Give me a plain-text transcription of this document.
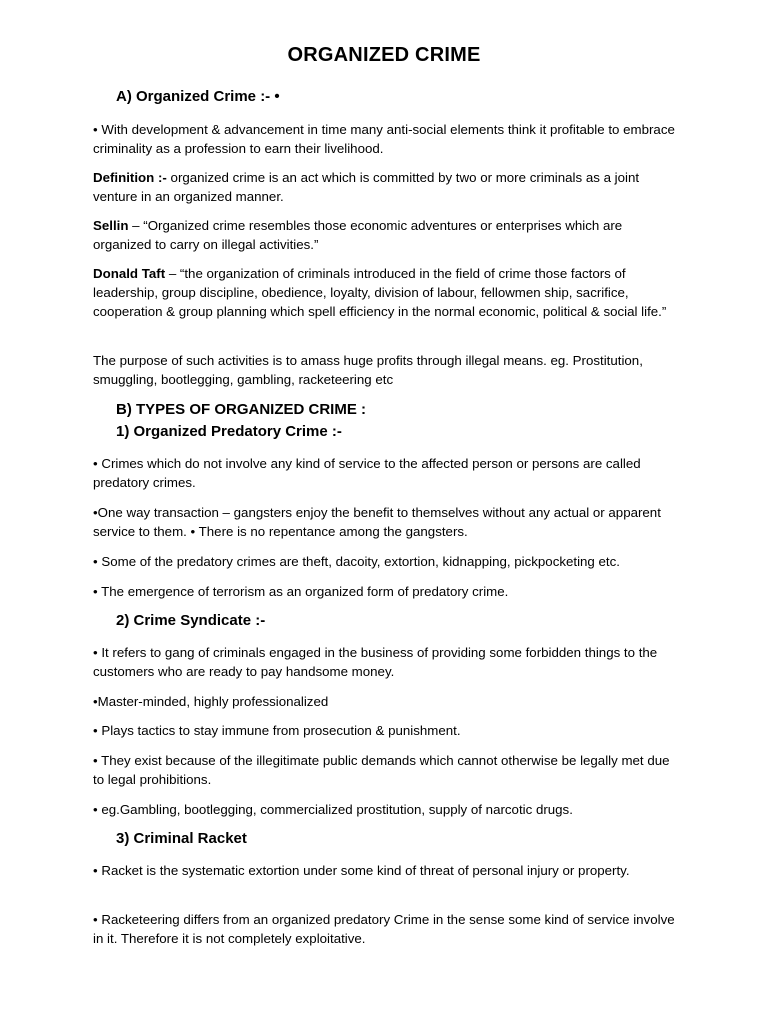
ORGANIZED CRIME
A) Organized Crime :- •
• With development & advancement in time many anti-social elements think it profitable to embrace criminality as a profession to earn their livelihood.
Definition :- organized crime is an act which is committed by two or more criminals as a joint venture in an organized manner.
Sellin – “Organized crime resembles those economic adventures or enterprises which are organized to carry on illegal activities.”
Donald Taft – “the organization of criminals introduced in the field of crime those factors of leadership, group discipline, obedience, loyalty, division of labour, fellowmen ship, sacrifice, cooperation & group planning which spell efficiency in the normal economic, political & social life.”
The purpose of such activities is to amass huge profits through illegal means. eg. Prostitution, smuggling, bootlegging, gambling, racketeering etc
B) TYPES OF ORGANIZED CRIME :
1) Organized Predatory Crime :-
• Crimes which do not involve any kind of service to the affected person or persons are called predatory crimes.
•One way transaction – gangsters enjoy the benefit to themselves without any actual or apparent service to them. • There is no repentance among the gangsters.
• Some of the predatory crimes are theft, dacoity, extortion, kidnapping, pickpocketing etc.
• The emergence of terrorism as an organized form of predatory crime.
2) Crime Syndicate :-
• It refers to gang of criminals engaged in the business of providing some forbidden things to the customers who are ready to pay handsome money.
•Master-minded, highly professionalized
• Plays tactics to stay immune from prosecution & punishment.
• They exist because of the illegitimate public demands which cannot otherwise be legally met due to legal prohibitions.
• eg.Gambling, bootlegging, commercialized prostitution, supply of narcotic drugs.
3) Criminal Racket
• Racket is the systematic extortion under some kind of threat of personal injury or property.
• Racketeering differs from an organized predatory Crime in the sense some kind of service involve in it. Therefore it is not completely exploitative.
